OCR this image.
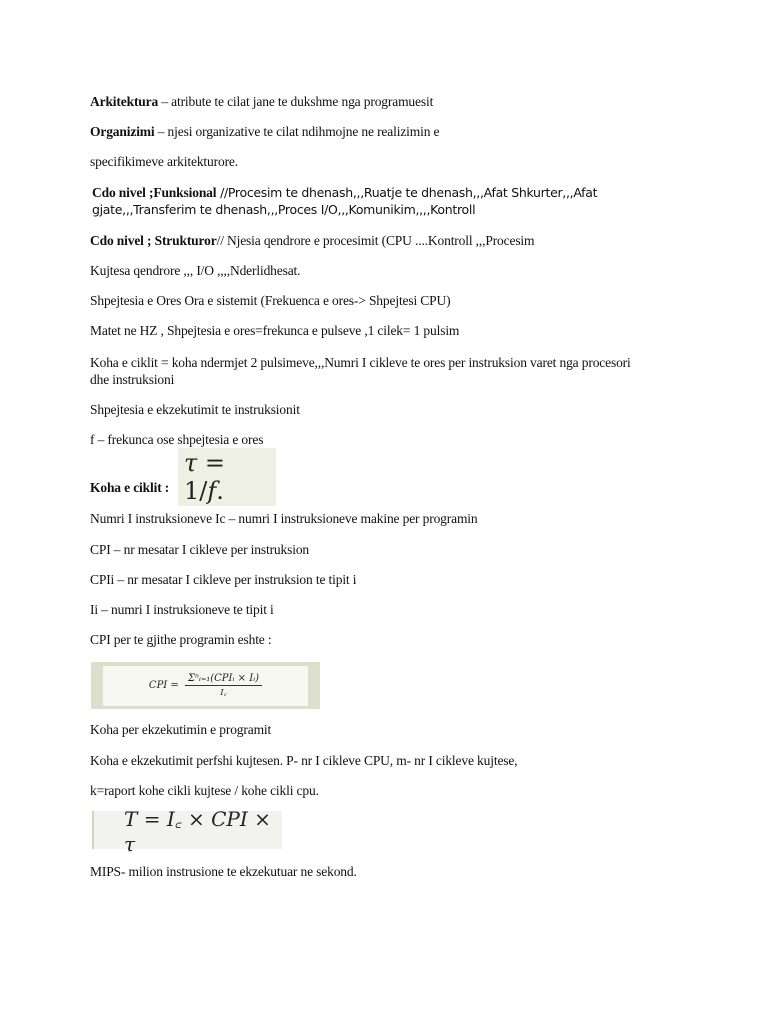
Arkitektura – atribute te cilat jane te dukshme nga programuesit
Organizimi – njesi organizative te cilat ndihmojne ne realizimin e
specifikimeve arkitekturore.
Cdo nivel ;Funksional //Procesim te dhenash,,,Ruatje te dhenash,,,Afat Shkurter,,,Afat gjate,,,Transferim te dhenash,,,Proces I/O,,,Komunikim,,,,Kontroll
Cdo nivel ; Strukturor// Njesia qendrore e procesimit (CPU ....Kontroll ,,,Procesim
Kujtesa qendrore ,,, I/O ,,,,Nderlidhesat.
Shpejtesia e Ores Ora e sistemit (Frekuenca e ores-> Shpejtesi CPU)
Matet ne HZ , Shpejtesia e ores=frekunca e pulseve ,1 cilek= 1 pulsim
Koha e ciklit = koha ndermjet 2 pulsimeve,,,Numri I cikleve te ores per instruksion varet nga procesori dhe instruksioni
Shpejtesia e ekzekutimit te instruksionit
f – frekunca ose shpejtesia e ores
Koha e ciklit :
τ = 1/f.
Numri I instruksioneve Ic – numri I instruksioneve makine per programin
CPI – nr mesatar I cikleve per instruksion
CPIi – nr mesatar I cikleve per instruksion te tipit i
Ii – numri I instruksioneve te tipit i
CPI per te gjithe programin eshte :
CPI = $\frac{\text{Σⁿᵢ₌₁(CPIᵢ × Iᵢ)}}{I꜀}$
Koha per ekzekutimin e programit
Koha e ekzekutimit perfshi kujtesen. P- nr I cikleve CPU, m- nr I cikleve kujtese,
k=raport kohe cikli kujtese / kohe cikli cpu.
T = I꜀ × CPI × τ
MIPS- milion instrusione te ekzekutuar ne sekond.
